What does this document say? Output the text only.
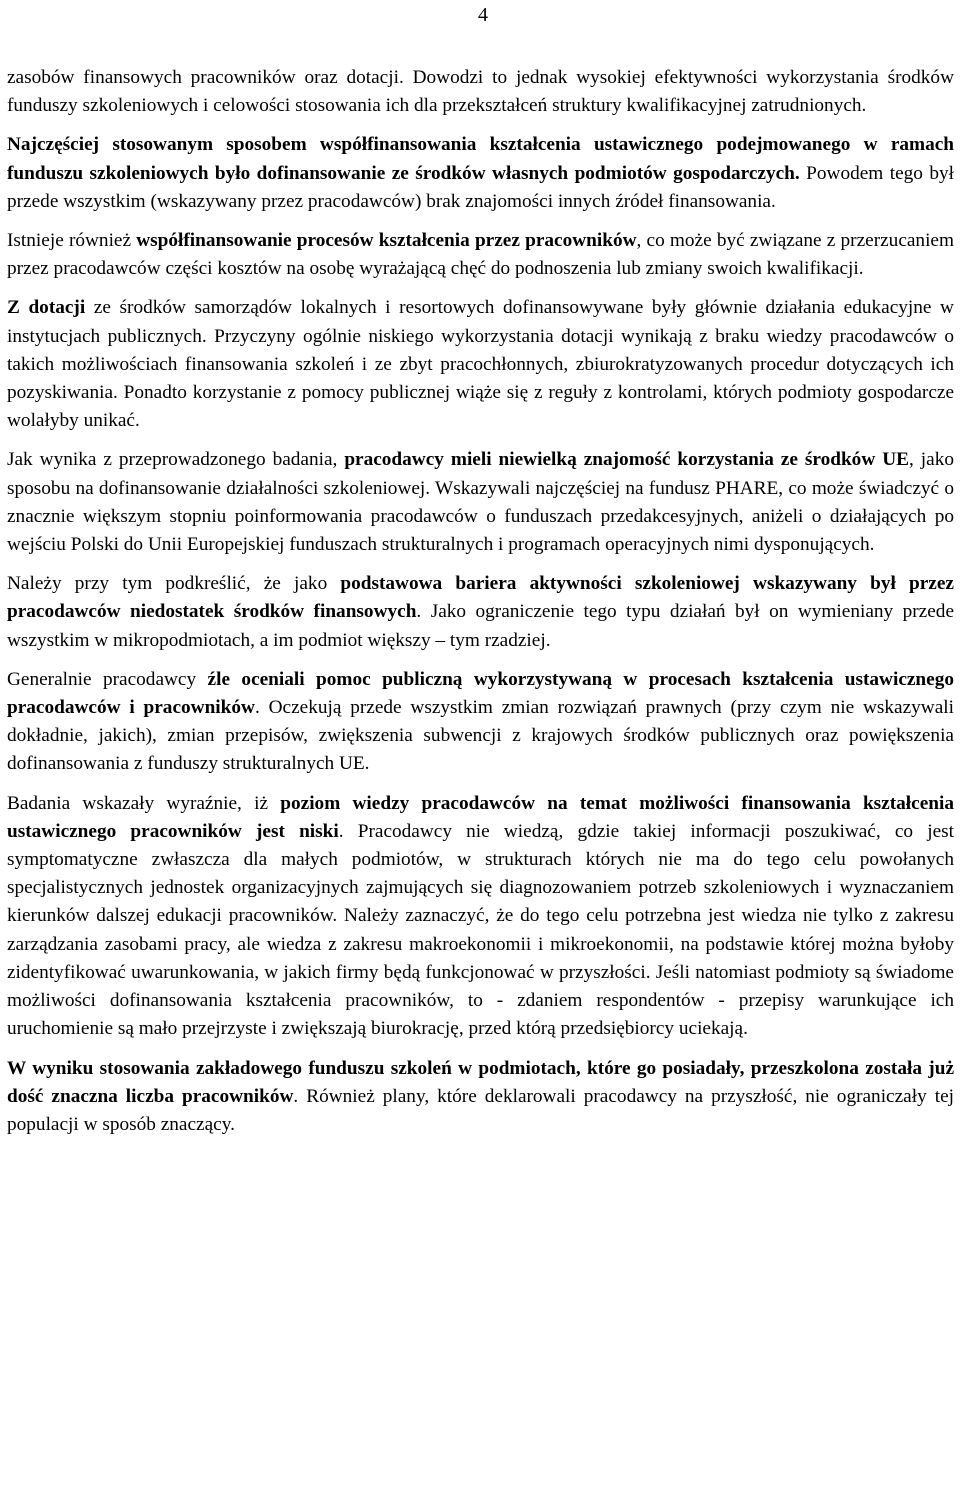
4

zasobów finansowych pracowników oraz dotacji. Dowodzi to jednak wysokiej efektywności wykorzystania środków funduszy szkoleniowych i celowości stosowania ich dla przekształceń struktury kwalifikacyjnej zatrudnionych.

Najczęściej stosowanym sposobem współfinansowania kształcenia ustawicznego podejmowanego w ramach funduszu szkoleniowych było dofinansowanie ze środków własnych podmiotów gospodarczych. Powodem tego był przede wszystkim (wskazywany przez pracodawców) brak znajomości innych źródeł finansowania.

Istnieje również współfinansowanie procesów kształcenia przez pracowników, co może być związane z przerzucaniem przez pracodawców części kosztów na osobę wyrażającą chęć do podnoszenia lub zmiany swoich kwalifikacji.

Z dotacji ze środków samorządów lokalnych i resortowych dofinansowywane były głównie działania edukacyjne w instytucjach publicznych. Przyczyny ogólnie niskiego wykorzystania dotacji wynikają z braku wiedzy pracodawców o takich możliwościach finansowania szkoleń i ze zbyt pracochłonnych, zbiurokratyzowanych procedur dotyczących ich pozyskiwania. Ponadto korzystanie z pomocy publicznej wiąże się z reguły z kontrolami, których podmioty gospodarcze wolałyby unikać.

Jak wynika z przeprowadzonego badania, pracodawcy mieli niewielką znajomość korzystania ze środków UE, jako sposobu na dofinansowanie działalności szkoleniowej. Wskazywali najczęściej na fundusz PHARE, co może świadczyć o znacznie większym stopniu poinformowania pracodawców o funduszach przedakcesyjnych, aniżeli o działających po wejściu Polski do Unii Europejskiej funduszach strukturalnych i programach operacyjnych nimi dysponujących.

Należy przy tym podkreślić, że jako podstawowa bariera aktywności szkoleniowej wskazywany był przez pracodawców niedostatek środków finansowych. Jako ograniczenie tego typu działań był on wymieniany przede wszystkim w mikropodmiotach, a im podmiot większy – tym rzadziej.

Generalnie pracodawcy źle oceniali pomoc publiczną wykorzystywaną w procesach kształcenia ustawicznego pracodawców i pracowników. Oczekują przede wszystkim zmian rozwiązań prawnych (przy czym nie wskazywali dokładnie, jakich), zmian przepisów, zwiększenia subwencji z krajowych środków publicznych oraz powiększenia dofinansowania z funduszy strukturalnych UE.

Badania wskazały wyraźnie, iż poziom wiedzy pracodawców na temat możliwości finansowania kształcenia ustawicznego pracowników jest niski. Pracodawcy nie wiedzą, gdzie takiej informacji poszukiwać, co jest symptomatyczne zwłaszcza dla małych podmiotów, w strukturach których nie ma do tego celu powołanych specjalistycznych jednostek organizacyjnych zajmujących się diagnozowaniem potrzeb szkoleniowych i wyznaczaniem kierunków dalszej edukacji pracowników. Należy zaznaczyć, że do tego celu potrzebna jest wiedza nie tylko z zakresu zarządzania zasobami pracy, ale wiedza z zakresu makroekonomii i mikroekonomii, na podstawie której można byłoby zidentyfikować uwarunkowania, w jakich firmy będą funkcjonować w przyszłości. Jeśli natomiast podmioty są świadome możliwości dofinansowania kształcenia pracowników, to - zdaniem respondentów - przepisy warunkujące ich uruchomienie są mało przejrzyste i zwiększają biurokrację, przed którą przedsiębiorcy uciekają.

W wyniku stosowania zakładowego funduszu szkoleń w podmiotach, które go posiadały, przeszkolona została już dość znaczna liczba pracowników. Również plany, które deklarowali pracodawcy na przyszłość, nie ograniczały tej populacji w sposób znaczący.
